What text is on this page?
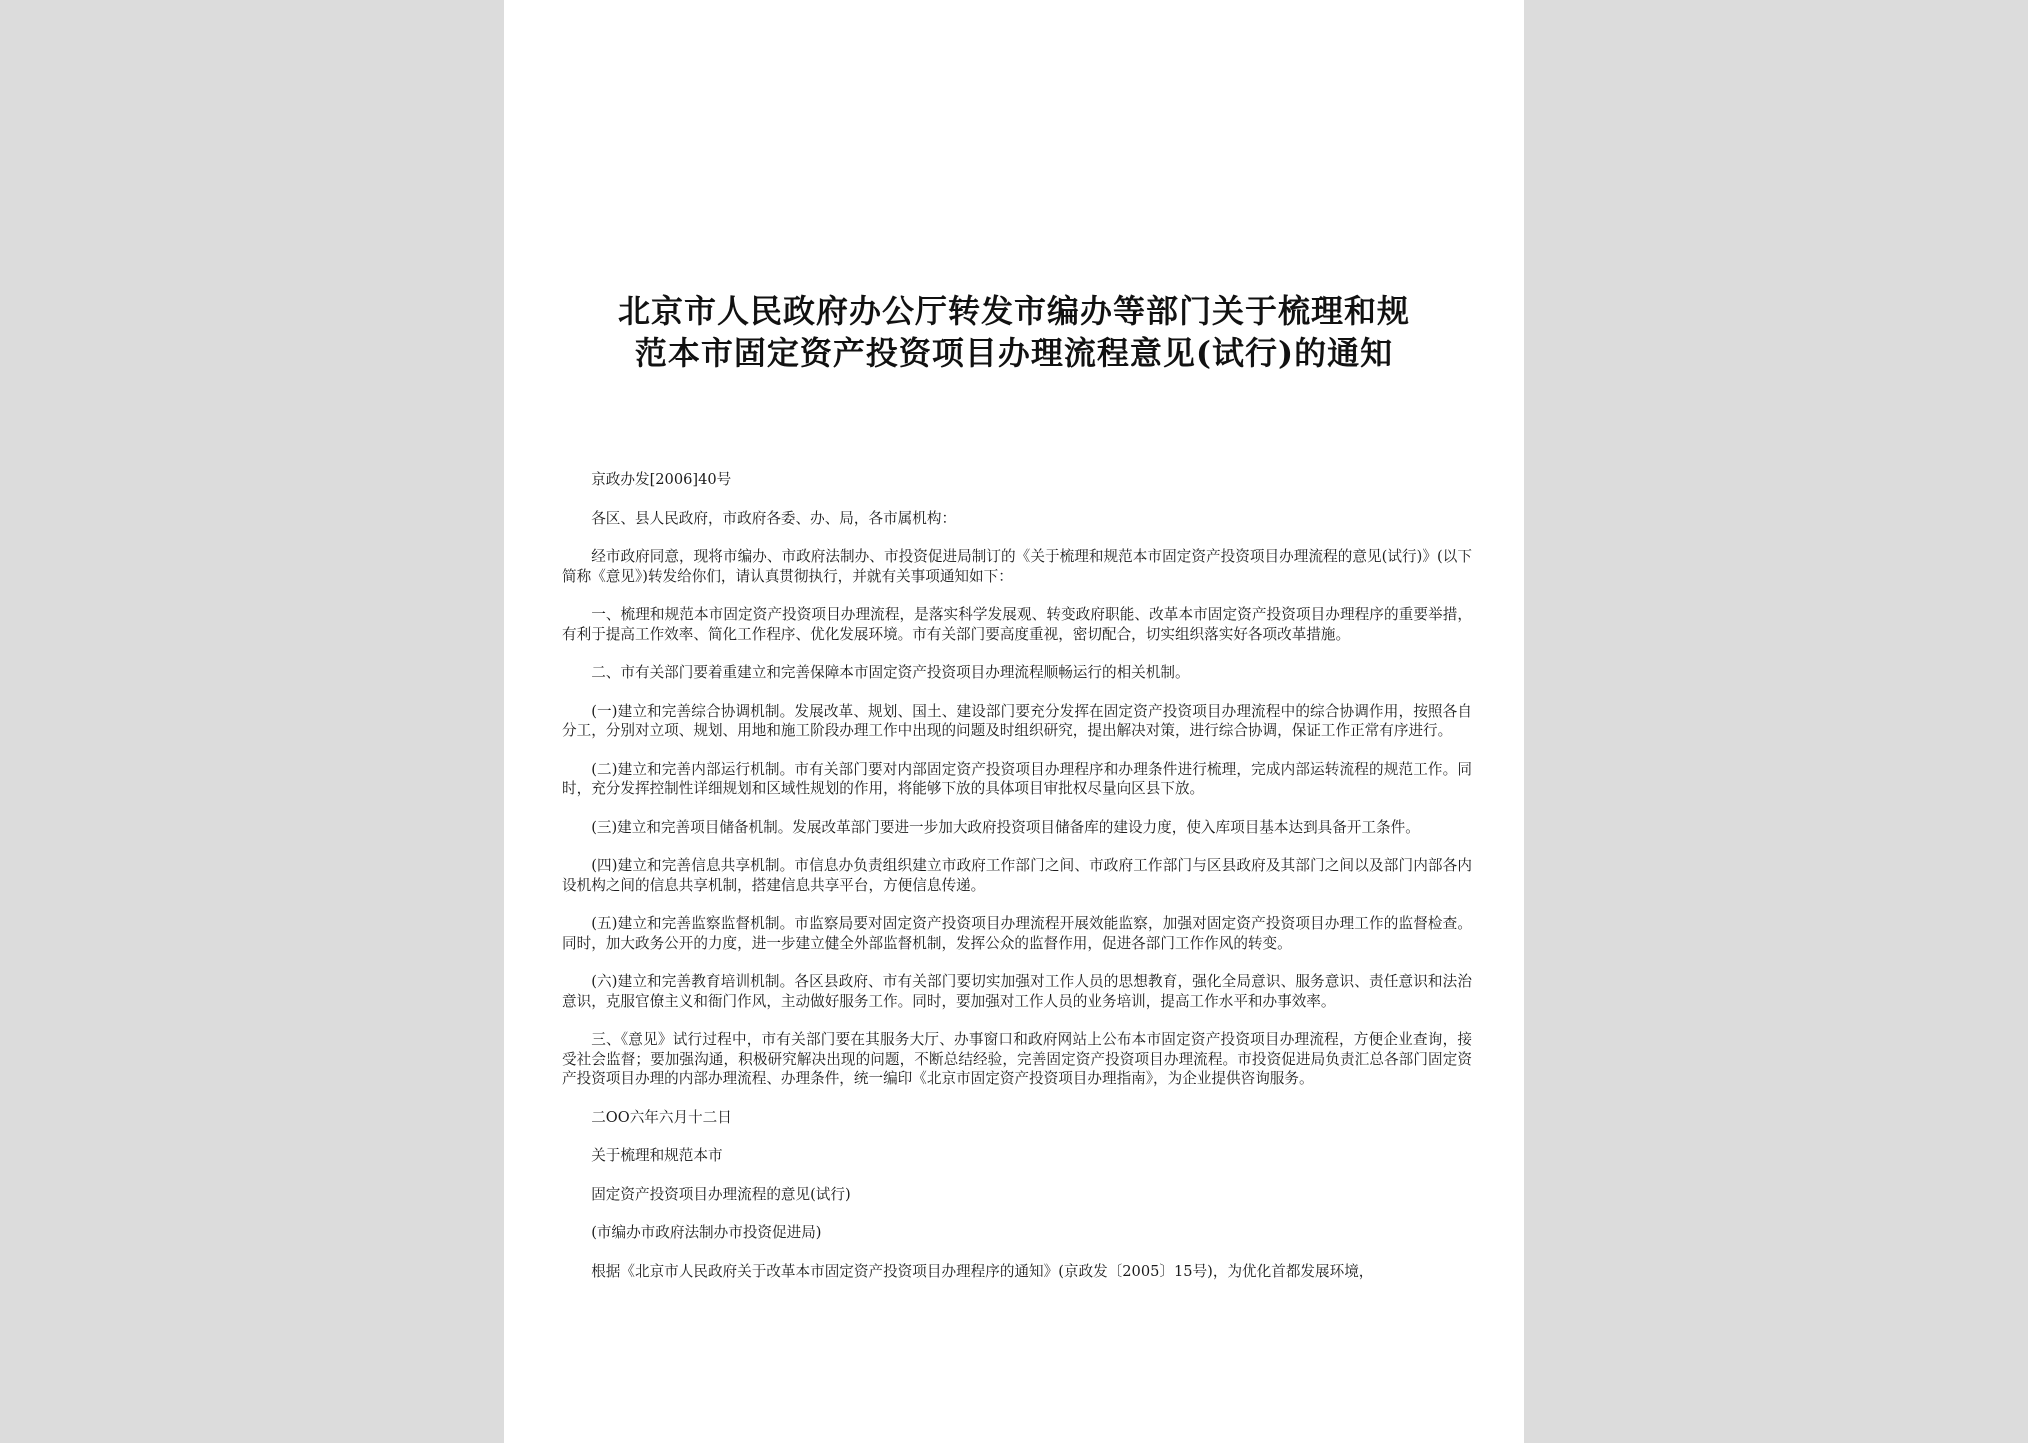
北京市人民政府办公厅转发市编办等部门关于梳理和规
范本市固定资产投资项目办理流程意见(试行)的通知

京政办发[2006]40号

各区、县人民政府，市政府各委、办、局，各市属机构：

经市政府同意，现将市编办、市政府法制办、市投资促进局制订的《关于梳理和规范本市固定资产投资项目办理流程的意见(试行)》(以下简称《意见》)转发给你们，请认真贯彻执行，并就有关事项通知如下：

一、梳理和规范本市固定资产投资项目办理流程，是落实科学发展观、转变政府职能、改革本市固定资产投资项目办理程序的重要举措，有利于提高工作效率、简化工作程序、优化发展环境。市有关部门要高度重视，密切配合，切实组织落实好各项改革措施。

二、市有关部门要着重建立和完善保障本市固定资产投资项目办理流程顺畅运行的相关机制。

(一)建立和完善综合协调机制。发展改革、规划、国土、建设部门要充分发挥在固定资产投资项目办理流程中的综合协调作用，按照各自分工，分别对立项、规划、用地和施工阶段办理工作中出现的问题及时组织研究，提出解决对策，进行综合协调，保证工作正常有序进行。

(二)建立和完善内部运行机制。市有关部门要对内部固定资产投资项目办理程序和办理条件进行梳理，完成内部运转流程的规范工作。同时，充分发挥控制性详细规划和区域性规划的作用，将能够下放的具体项目审批权尽量向区县下放。

(三)建立和完善项目储备机制。发展改革部门要进一步加大政府投资项目储备库的建设力度，使入库项目基本达到具备开工条件。

(四)建立和完善信息共享机制。市信息办负责组织建立市政府工作部门之间、市政府工作部门与区县政府及其部门之间以及部门内部各内设机构之间的信息共享机制，搭建信息共享平台，方便信息传递。

(五)建立和完善监察监督机制。市监察局要对固定资产投资项目办理流程开展效能监察，加强对固定资产投资项目办理工作的监督检查。同时，加大政务公开的力度，进一步建立健全外部监督机制，发挥公众的监督作用，促进各部门工作作风的转变。

(六)建立和完善教育培训机制。各区县政府、市有关部门要切实加强对工作人员的思想教育，强化全局意识、服务意识、责任意识和法治意识，克服官僚主义和衙门作风，主动做好服务工作。同时，要加强对工作人员的业务培训，提高工作水平和办事效率。

三、《意见》试行过程中，市有关部门要在其服务大厅、办事窗口和政府网站上公布本市固定资产投资项目办理流程，方便企业查询，接受社会监督；要加强沟通，积极研究解决出现的问题，不断总结经验，完善固定资产投资项目办理流程。市投资促进局负责汇总各部门固定资产投资项目办理的内部办理流程、办理条件，统一编印《北京市固定资产投资项目办理指南》，为企业提供咨询服务。

二OO六年六月十二日

关于梳理和规范本市

固定资产投资项目办理流程的意见(试行)

(市编办市政府法制办市投资促进局)

根据《北京市人民政府关于改革本市固定资产投资项目办理程序的通知》(京政发〔2005〕15号)，为优化首都发展环境，
